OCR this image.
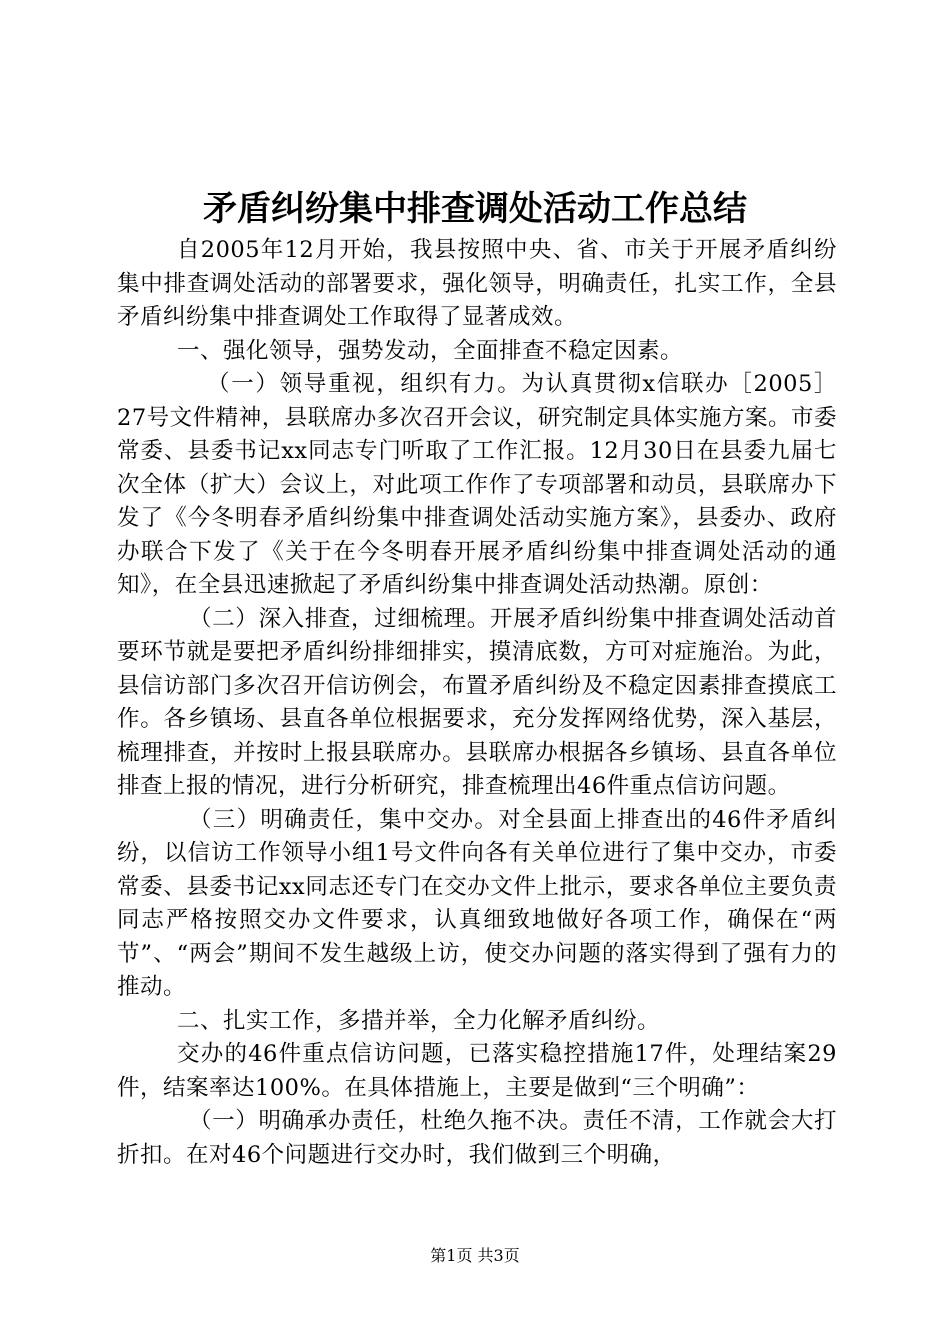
矛盾纠纷集中排查调处活动工作总结

自2005年12月开始，我县按照中央、省、市关于开展矛盾纠纷集中排查调处活动的部署要求，强化领导，明确责任，扎实工作，全县矛盾纠纷集中排查调处工作取得了显著成效。

一、强化领导，强势发动，全面排查不稳定因素。

（一）领导重视，组织有力。为认真贯彻x信联办［2005］27号文件精神，县联席办多次召开会议，研究制定具体实施方案。市委常委、县委书记xx同志专门听取了工作汇报。12月30日在县委九届七次全体（扩大）会议上，对此项工作作了专项部署和动员，县联席办下发了《今冬明春矛盾纠纷集中排查调处活动实施方案》，县委办、政府办联合下发了《关于在今冬明春开展矛盾纠纷集中排查调处活动的通知》，在全县迅速掀起了矛盾纠纷集中排查调处活动热潮。原创：

（二）深入排查，过细梳理。开展矛盾纠纷集中排查调处活动首要环节就是要把矛盾纠纷排细排实，摸清底数，方可对症施治。为此，县信访部门多次召开信访例会，布置矛盾纠纷及不稳定因素排查摸底工作。各乡镇场、县直各单位根据要求，充分发挥网络优势，深入基层，梳理排查，并按时上报县联席办。县联席办根据各乡镇场、县直各单位排查上报的情况，进行分析研究，排查梳理出46件重点信访问题。

（三）明确责任，集中交办。对全县面上排查出的46件矛盾纠纷，以信访工作领导小组1号文件向各有关单位进行了集中交办，市委常委、县委书记xx同志还专门在交办文件上批示，要求各单位主要负责同志严格按照交办文件要求，认真细致地做好各项工作，确保在“两节”、“两会”期间不发生越级上访，使交办问题的落实得到了强有力的推动。

二、扎实工作，多措并举，全力化解矛盾纠纷。

交办的46件重点信访问题，已落实稳控措施17件，处理结案29件，结案率达100%。在具体措施上，主要是做到“三个明确”：

（一）明确承办责任，杜绝久拖不决。责任不清，工作就会大打折扣。在对46个问题进行交办时，我们做到三个明确，

第1页 共3页
